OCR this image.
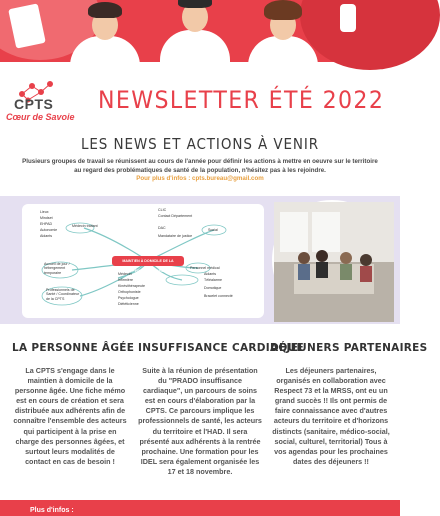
CPTS
Cœur de Savoie
NEWSLETTER ÉTÉ 2022
LES NEWS ET ACTIONS À VENIR
Plusieurs groupes de travail se réunissent au cours de l'année pour définir les actions à mettre en oeuvre sur le territoire au regard des problématiques de santé de la population, n'hésitez pas à les rejoindre.
Pour plus d'infos : cpts.bureau@gmail.com
MAINTIEN À DOMICILE DE LA PERSONNE ÂGÉE
Lieux
Mindset
EHPAD
Autonomie
Aidants
Médecin traitant
Accueil de jour / hébergement temporaire
Professionnels de Santé / Coordinateur de la CPTS
CLIC
Contact Département
DAC
Mandataire de justice
Social
Personnel médical
Aidants
Téléalarme
Domotique
Bracelet connecté
Médecin
Infirmière
Kinésithérapeute
Orthophoniste
Psychologue
Diététicienne
LA PERSONNE ÂGÉE

La CPTS s'engage dans le maintien à domicile de la personne âgée. Une fiche mémo est en cours de création et sera distribuée aux adhérents afin de connaître l'ensemble des acteurs qui participent à la prise en charge des personnes âgées, et surtout leurs modalités de contact en cas de besoin !

INSUFFISANCE CARDIAQUE

Suite à la réunion de présentation du "PRADO insuffisance cardiaque", un parcours de soins est en cours d'élaboration par la CPTS. Ce parcours implique les professionnels de santé, les acteurs du territoire et l'HAD. Il sera présenté aux adhérents à la rentrée prochaine. Une formation pour les IDEL sera également organisée les 17 et 18 novembre.

DÉJEUNERS PARTENAIRES

Les déjeuners partenaires, organisés en collaboration avec Respect 73 et la MRSS, ont eu un grand succès !! Ils ont permis de faire connaissance avec d'autres acteurs du territoire et d'horizons distincts (sanitaire, médico-social, social, culturel, territorial) Tous à vos agendas pour les prochaines dates des déjeuners !!

Plus d'infos :
